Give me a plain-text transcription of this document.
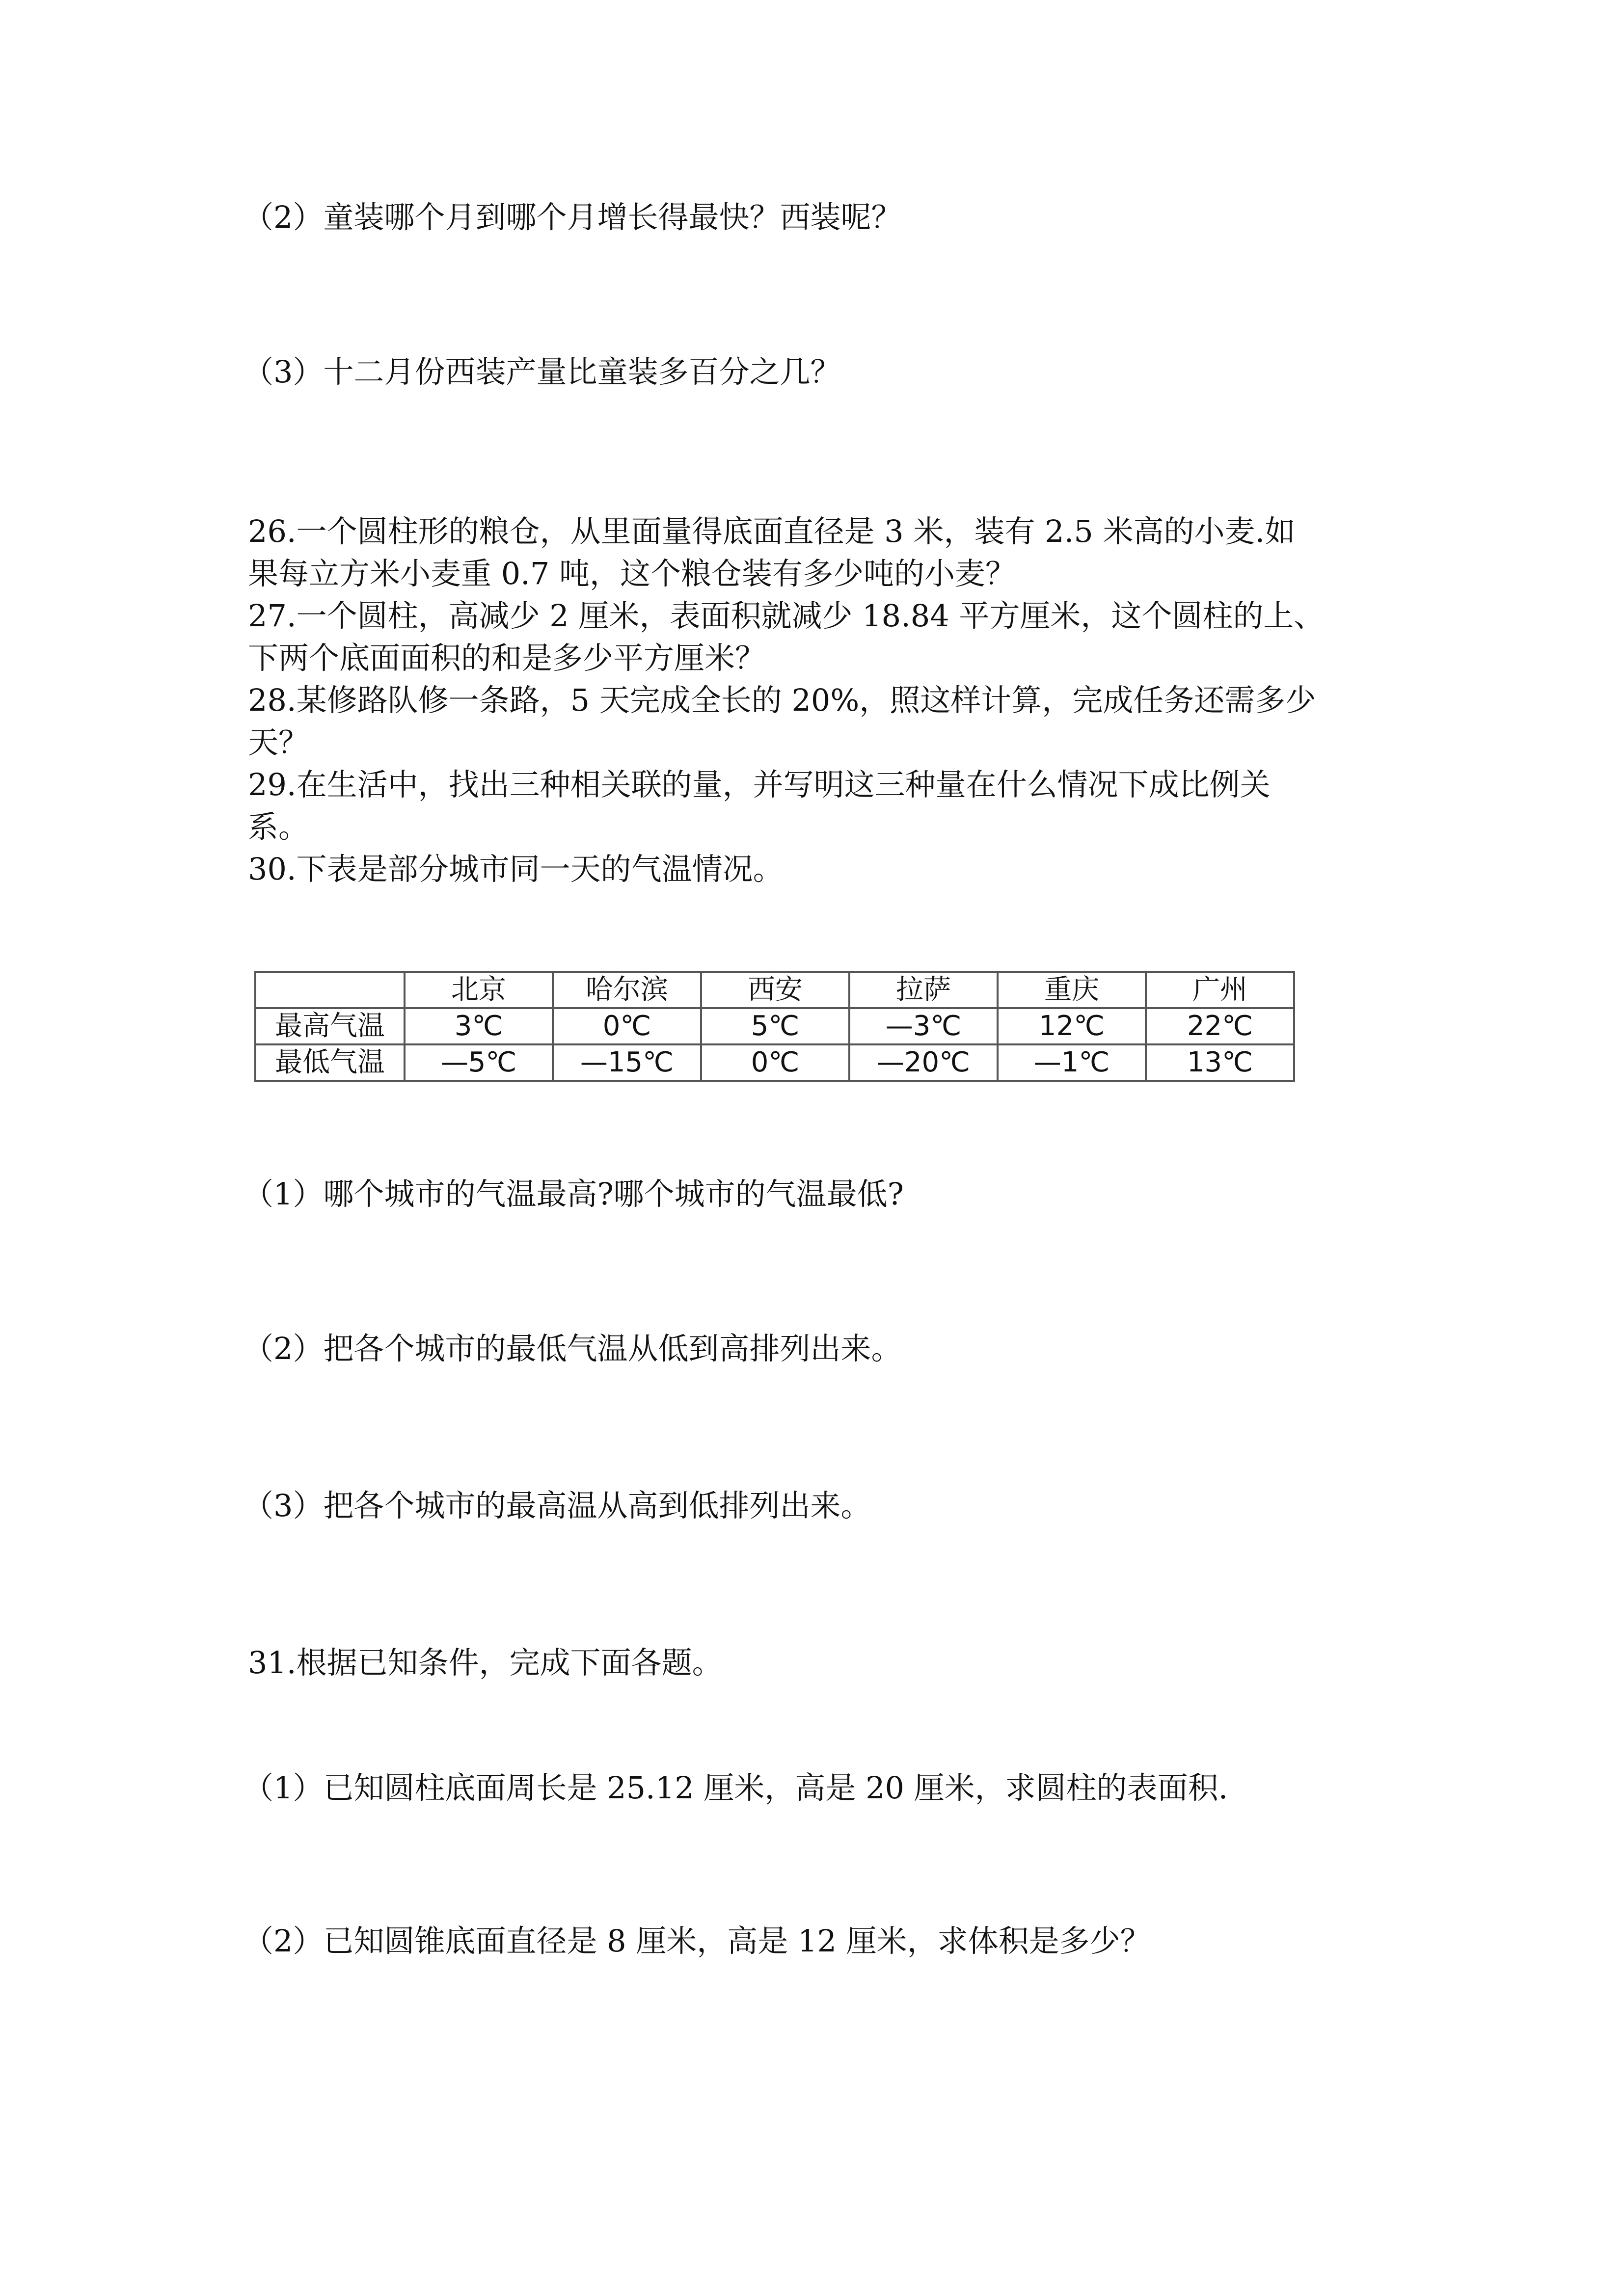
（2）童装哪个月到哪个月增长得最快？西装呢？
（3）十二月份西装产量比童装多百分之几？
26.一个圆柱形的粮仓，从里面量得底面直径是 3 米，装有 2.5 米高的小麦.如
果每立方米小麦重 0.7 吨，这个粮仓装有多少吨的小麦？
27.一个圆柱，高减少 2 厘米，表面积就减少 18.84 平方厘米，这个圆柱的上、
下两个底面面积的和是多少平方厘米？
28.某修路队修一条路，5 天完成全长的 20%，照这样计算，完成任务还需多少
天？
29.在生活中，找出三种相关联的量，并写明这三种量在什么情况下成比例关
系。
30.下表是部分城市同一天的气温情况。
	北京	哈尔滨	西安	拉萨	重庆	广州
最高气温	3℃	0℃	5℃	—3℃	12℃	22℃
最低气温	—5℃	—15℃	0℃	—20℃	—1℃	13℃
（1）哪个城市的气温最高?哪个城市的气温最低?
（2）把各个城市的最低气温从低到高排列出来。
（3）把各个城市的最高温从高到低排列出来。
31.根据已知条件，完成下面各题。
（1）已知圆柱底面周长是 25.12 厘米，高是 20 厘米，求圆柱的表面积.
（2）已知圆锥底面直径是 8 厘米，高是 12 厘米，求体积是多少？
